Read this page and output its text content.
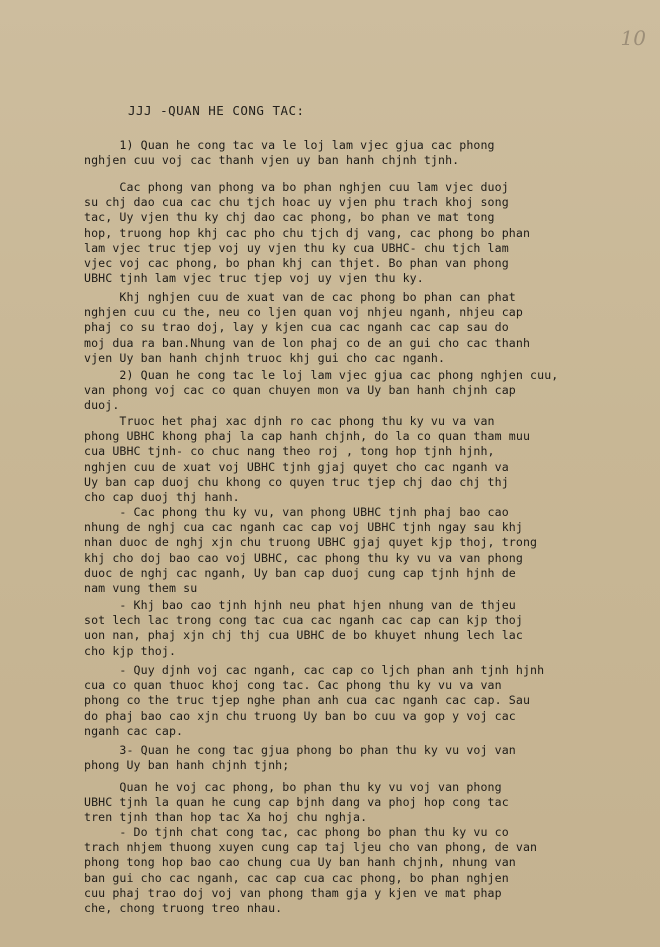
10
JJJ -QUAN HE CONG TAC:
1) Quan he cong tac va le loj lam vjec gjua cac phong
nghjen cuu voj cac thanh vjen uy ban hanh chjnh tjnh.
Cac phong van phong va bo phan nghjen cuu lam vjec duoj
su chj dao cua cac chu tjch hoac uy vjen phu trach khoj song
tac, Uy vjen thu ky chj dao cac phong, bo phan ve mat tong
hop, truong hop khj cac pho chu tjch dj vang, cac phong bo phan
lam vjec truc tjep voj uy vjen thu ky cua UBHC- chu tjch lam
vjec voj cac phong, bo phan khj can thjet. Bo phan van phong
UBHC tjnh lam vjec truc tjep voj uy vjen thu ky.
Khj nghjen cuu de xuat van de cac phong bo phan can phat
nghjen cuu cu the, neu co ljen quan voj nhjeu nganh, nhjeu cap
phaj co su trao doj, lay y kjen cua cac nganh cac cap sau do
moj dua ra ban.Nhung van de lon phaj co de an gui cho cac thanh
vjen Uy ban hanh chjnh truoc khj gui cho cac nganh.
2) Quan he cong tac le loj lam vjec gjua cac phong nghjen cuu,
van phong voj cac co quan chuyen mon va Uy ban hanh chjnh cap
duoj.
Truoc het phaj xac djnh ro cac phong thu ky vu va van
phong UBHC khong phaj la cap hanh chjnh, do la co quan tham muu
cua UBHC tjnh- co chuc nang theo roj , tong hop tjnh hjnh,
nghjen cuu de xuat voj UBHC tjnh gjaj quyet cho cac nganh va
Uy ban cap duoj chu khong co quyen truc tjep chj dao chj thj
cho cap duoj thj hanh.
- Cac phong thu ky vu, van phong UBHC tjnh phaj bao cao
nhung de nghj cua cac nganh cac cap voj UBHC tjnh ngay sau khj
nhan duoc de nghj xjn chu truong UBHC gjaj quyet kjp thoj, trong
khj cho doj bao cao voj UBHC, cac phong thu ky vu va van phong
duoc de nghj cac nganh, Uy ban cap duoj cung cap tjnh hjnh de
nam vung them su
- Khj bao cao tjnh hjnh neu phat hjen nhung van de thjeu
sot lech lac trong cong tac cua cac nganh cac cap can kjp thoj
uon nan, phaj xjn chj thj cua UBHC de bo khuyet nhung lech lac
cho kjp thoj.
- Quy djnh voj cac nganh, cac cap co ljch phan anh tjnh hjnh
cua co quan thuoc khoj cong tac. Cac phong thu ky vu va van
phong co the truc tjep nghe phan anh cua cac nganh cac cap. Sau
do phaj bao cao xjn chu truong Uy ban bo cuu va gop y voj cac
nganh cac cap.
3- Quan he cong tac gjua phong bo phan thu ky vu voj van
phong Uy ban hanh chjnh tjnh;
Quan he voj cac phong, bo phan thu ky vu voj van phong
UBHC tjnh la quan he cung cap bjnh dang va phoj hop cong tac
tren tjnh than hop tac Xa hoj chu nghja.
- Do tjnh chat cong tac, cac phong bo phan thu ky vu co
trach nhjem thuong xuyen cung cap taj ljeu cho van phong, de van
phong tong hop bao cao chung cua Uy ban hanh chjnh, nhung van
ban gui cho cac nganh, cac cap cua cac phong, bo phan nghjen
cuu phaj trao doj voj van phong tham gja y kjen ve mat phap
che, chong truong treo nhau.
